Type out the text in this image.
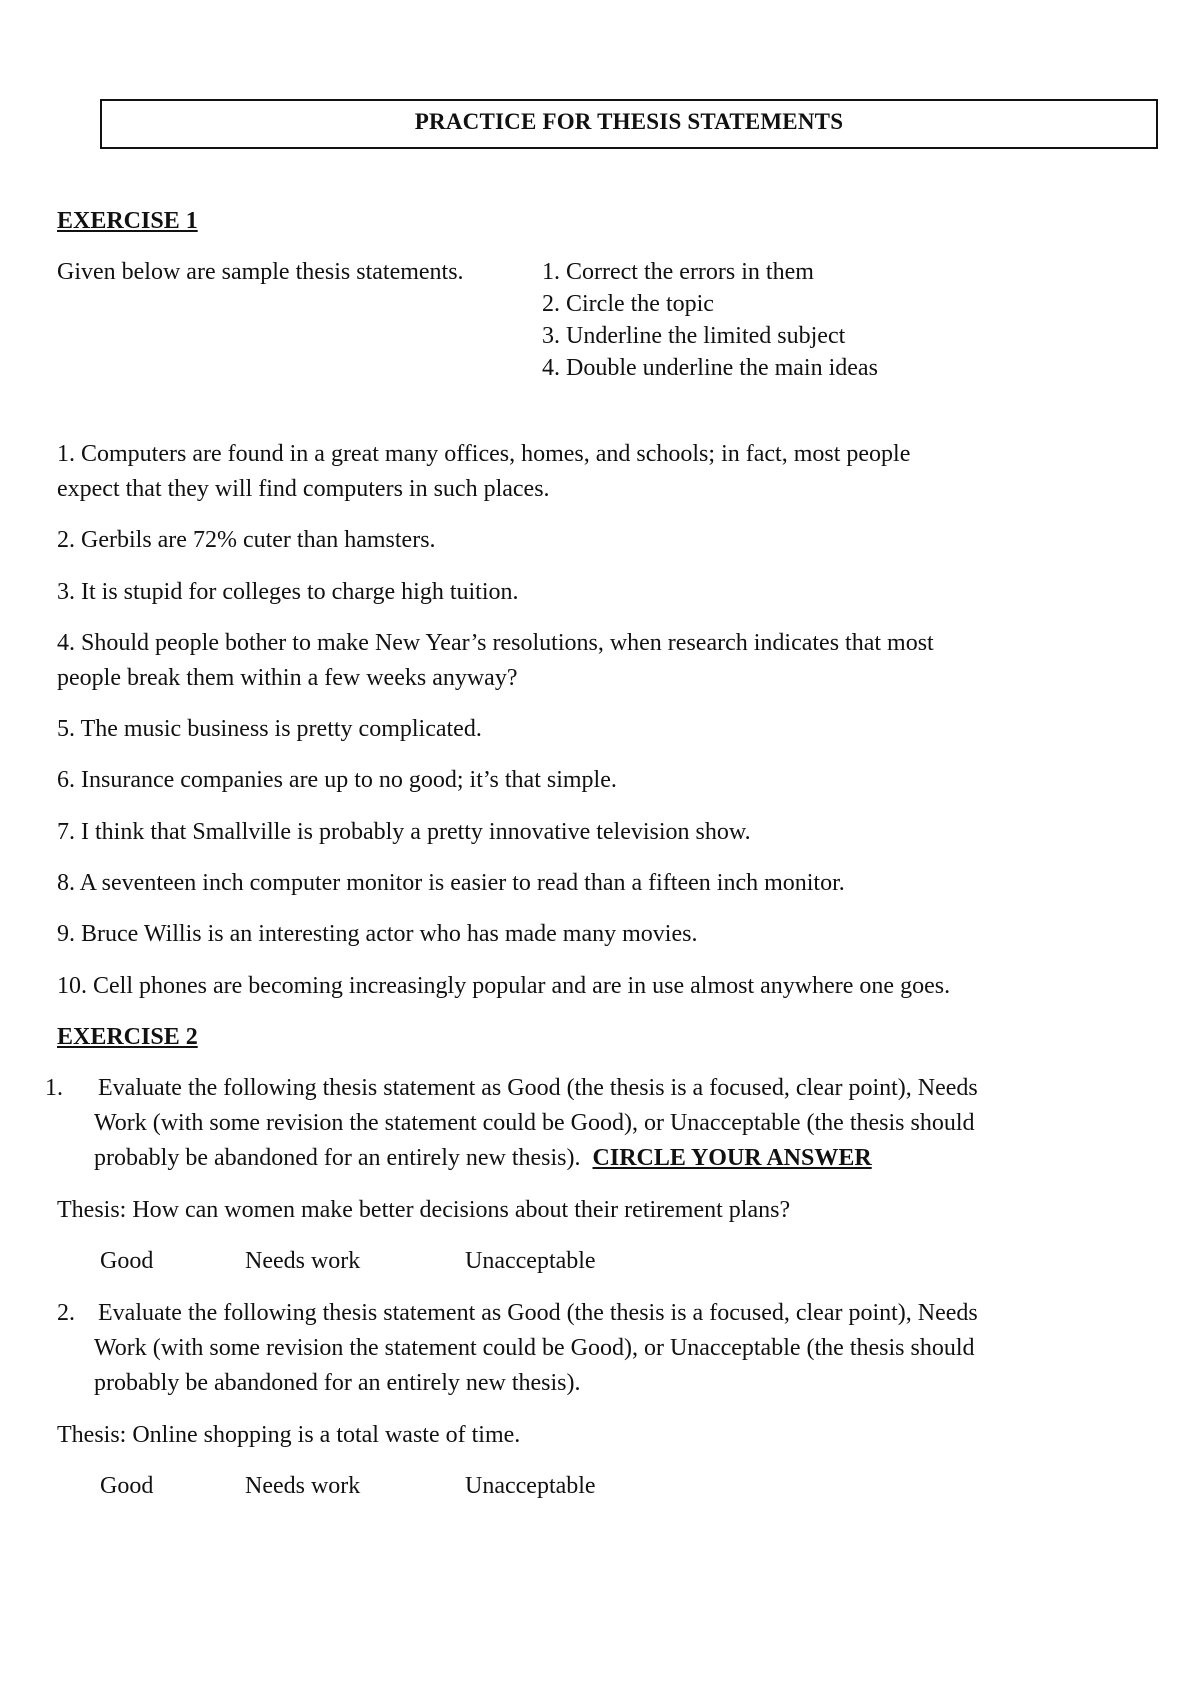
PRACTICE FOR THESIS STATEMENTS
EXERCISE 1
Given below are sample thesis statements.	1. Correct the errors in them
2. Circle the topic
3. Underline the limited subject
4. Double underline the main ideas
1. Computers are found in a great many offices, homes, and schools; in fact, most people
expect that they will find computers in such places.
2. Gerbils are 72% cuter than hamsters.
3. It is stupid for colleges to charge high tuition.
4. Should people bother to make New Year’s resolutions, when research indicates that most
people break them within a few weeks anyway?
5. The music business is pretty complicated.
6. Insurance companies are up to no good; it’s that simple.
7. I think that Smallville is probably a pretty innovative television show.
8. A seventeen inch computer monitor is easier to read than a fifteen inch monitor.
9. Bruce Willis is an interesting actor who has made many movies.
10. Cell phones are becoming increasingly popular and are in use almost anywhere one goes.
EXERCISE 2
1. Evaluate the following thesis statement as Good (the thesis is a focused, clear point), Needs
Work (with some revision the statement could be Good), or Unacceptable (the thesis should
probably be abandoned for an entirely new thesis). CIRCLE YOUR ANSWER
Thesis: How can women make better decisions about their retirement plans?
Good	Needs work	Unacceptable
2. Evaluate the following thesis statement as Good (the thesis is a focused, clear point), Needs
Work (with some revision the statement could be Good), or Unacceptable (the thesis should
probably be abandoned for an entirely new thesis).
Thesis: Online shopping is a total waste of time.
Good	Needs work	Unacceptable
